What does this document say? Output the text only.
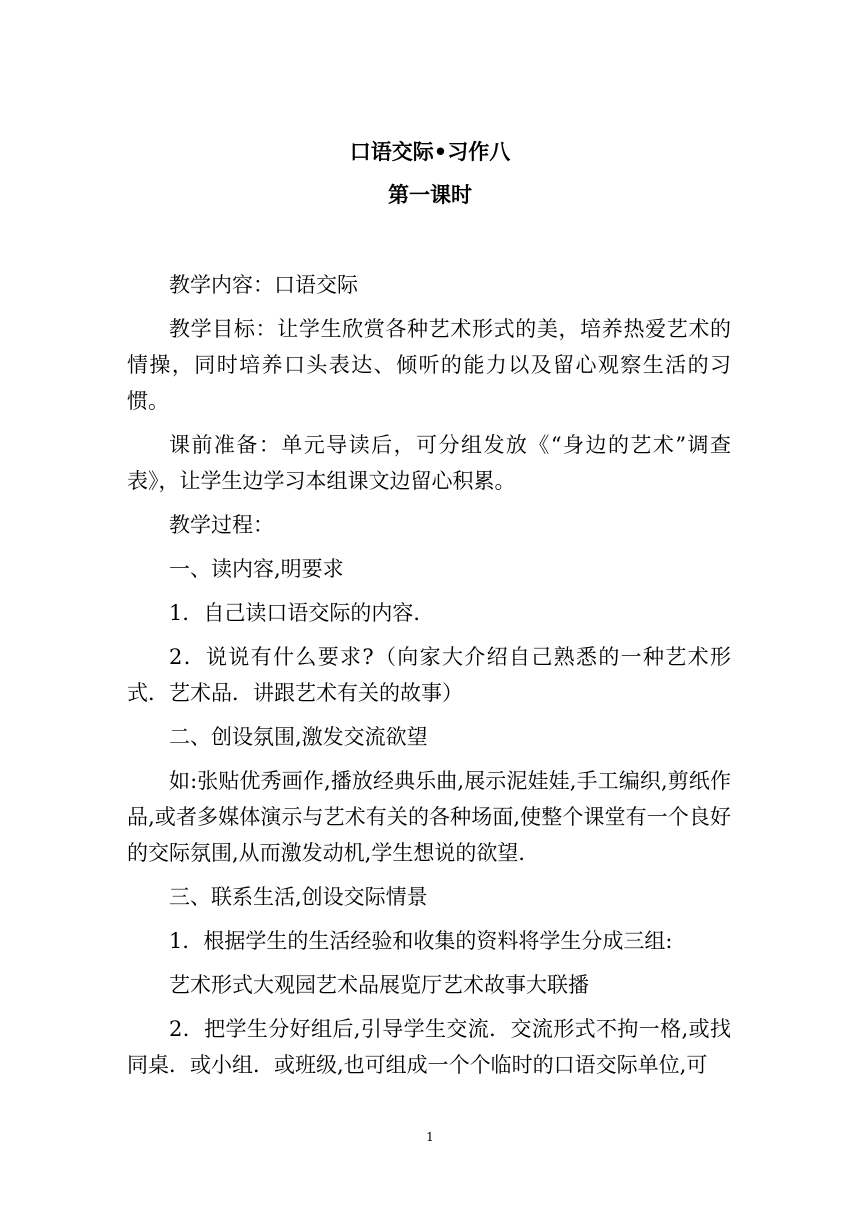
口语交际•习作八
第一课时

教学内容：口语交际

教学目标：让学生欣赏各种艺术形式的美，培养热爱艺术的情操，同时培养口头表达、倾听的能力以及留心观察生活的习惯。

课前准备：单元导读后，可分组发放《“身边的艺术”调查表》，让学生边学习本组课文边留心积累。

教学过程：

一、读内容,明要求

1．自己读口语交际的内容．

2．说说有什么要求?（向家大介绍自己熟悉的一种艺术形式．艺术品．讲跟艺术有关的故事）

二、创设氛围,激发交流欲望

如:张贴优秀画作,播放经典乐曲,展示泥娃娃,手工编织,剪纸作品,或者多媒体演示与艺术有关的各种场面,使整个课堂有一个良好的交际氛围,从而激发动机,学生想说的欲望．

三、联系生活,创设交际情景

1．根据学生的生活经验和收集的资料将学生分成三组:

艺术形式大观园艺术品展览厅艺术故事大联播

2．把学生分好组后,引导学生交流．交流形式不拘一格,或找同桌．或小组．或班级,也可组成一个个临时的口语交际单位,可

1
